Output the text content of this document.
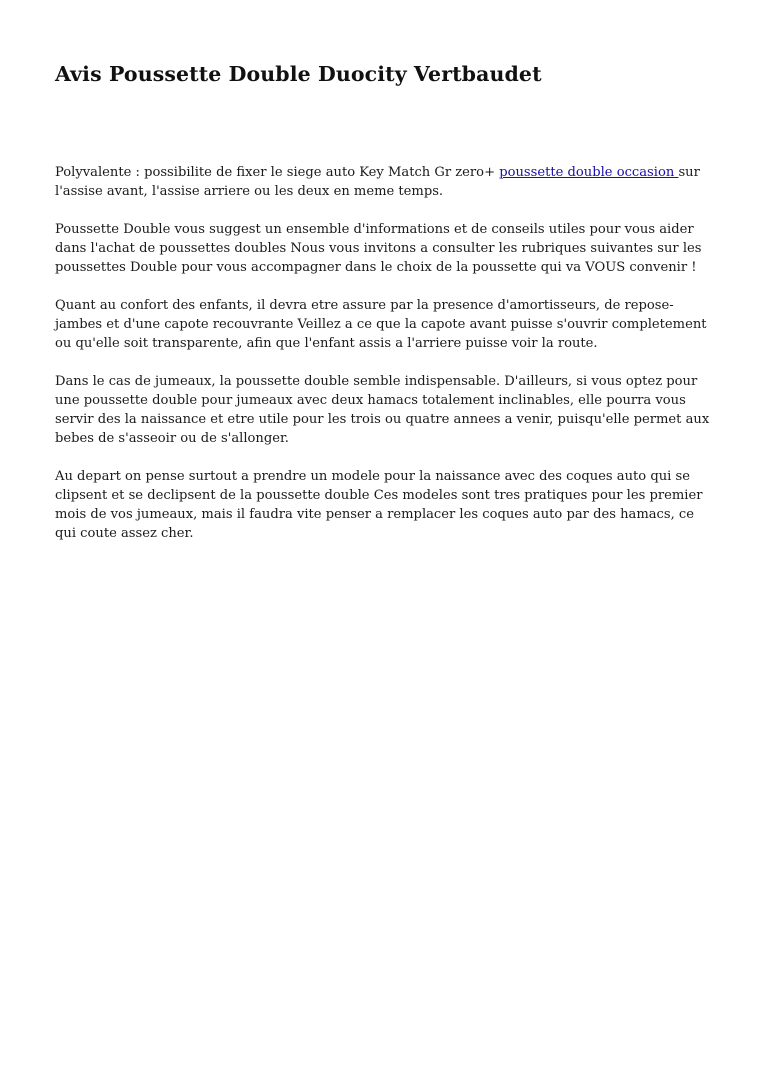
Avis Poussette Double Duocity Vertbaudet

Polyvalente : possibilite de fixer le siege auto Key Match Gr zero+ poussette double occasion sur l'assise avant, l'assise arriere ou les deux en meme temps.

Poussette Double vous suggest un ensemble d'informations et de conseils utiles pour vous aider dans l'achat de poussettes doubles Nous vous invitons a consulter les rubriques suivantes sur les poussettes Double pour vous accompagner dans le choix de la poussette qui va VOUS convenir !

Quant au confort des enfants, il devra etre assure par la presence d'amortisseurs, de repose-jambes et d'une capote recouvrante Veillez a ce que la capote avant puisse s'ouvrir completement ou qu'elle soit transparente, afin que l'enfant assis a l'arriere puisse voir la route.

Dans le cas de jumeaux, la poussette double semble indispensable. D'ailleurs, si vous optez pour une poussette double pour jumeaux avec deux hamacs totalement inclinables, elle pourra vous servir des la naissance et etre utile pour les trois ou quatre annees a venir, puisqu'elle permet aux bebes de s'asseoir ou de s'allonger.

Au depart on pense surtout a prendre un modele pour la naissance avec des coques auto qui se clipsent et se declipsent de la poussette double Ces modeles sont tres pratiques pour les premier mois de vos jumeaux, mais il faudra vite penser a remplacer les coques auto par des hamacs, ce qui coute assez cher.
